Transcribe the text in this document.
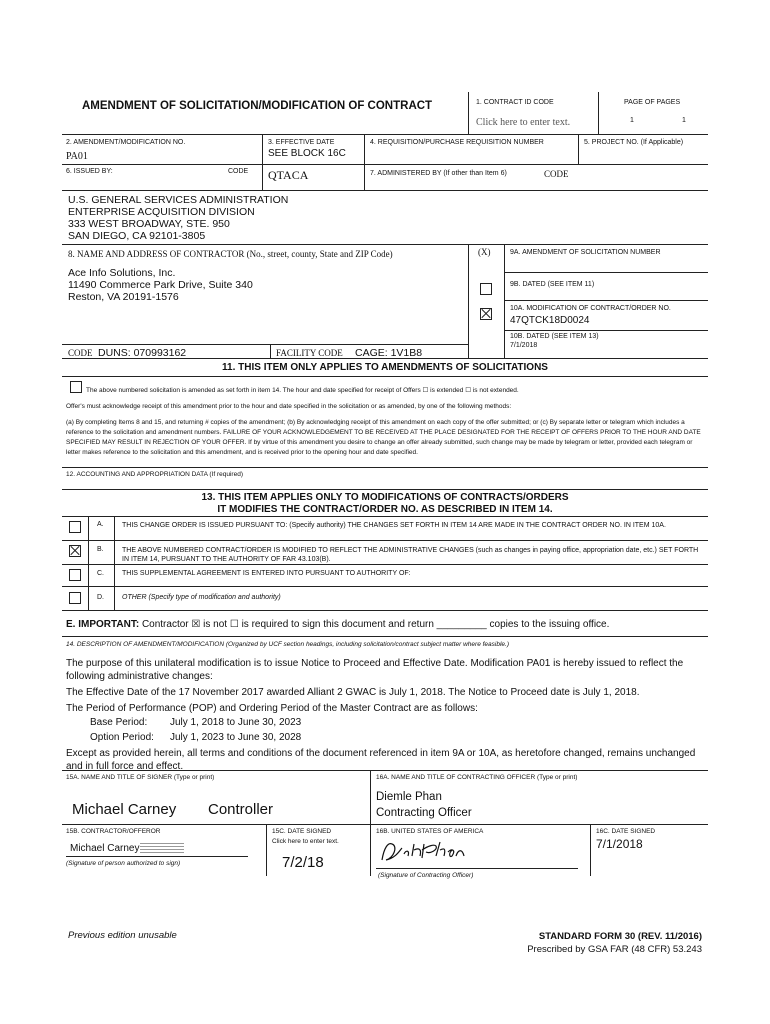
AMENDMENT OF SOLICITATION/MODIFICATION OF CONTRACT	1. CONTRACT ID CODE
Click here to enter text.
PAGE OF PAGES
1	1
2. AMENDMENT/MODIFICATION NO.
PA01
3. EFFECTIVE DATE
SEE BLOCK 16C
4. REQUISITION/PURCHASE REQUISITION NUMBER	5. PROJECT NO. (If Applicable)
6. ISSUED BY:	CODE QTACA	7. ADMINISTERED BY (If other than Item 6)	CODE
U.S. GENERAL SERVICES ADMINISTRATION
ENTERPRISE ACQUISITION DIVISION
333 WEST BROADWAY, STE. 950
SAN DIEGO, CA 92101-3805
8. NAME AND ADDRESS OF CONTRACTOR (No., street, county, State and ZIP Code)
Ace Info Solutions, Inc.
11490 Commerce Park Drive, Suite 340
Reston, VA 20191-1576
CODE DUNS: 070993162	FACILITY CODE CAGE: 1V1B8
(X)	9A. AMENDMENT OF SOLICITATION NUMBER
9B. DATED (SEE ITEM 11)
10A. MODIFICATION OF CONTRACT/ORDER NO.
47QTCK18D0024
10B. DATED (SEE ITEM 13)
7/1/2018
11. THIS ITEM ONLY APPLIES TO AMENDMENTS OF SOLICITATIONS
The above numbered solicitation is amended as set forth in item 14. The hour and date specified for receipt of Offers ☐ is extended ☐ is not extended.
Offer's must acknowledge receipt of this amendment prior to the hour and date specified in the solicitation or as amended, by one of the following methods:
(a) By completing Items 8 and 15, and returning # copies of the amendment; (b) By acknowledging receipt of this amendment on each copy of the offer submitted; or (c) By separate letter or telegram which includes a reference to the solicitation and amendment numbers. FAILURE OF YOUR ACKNOWLEDGEMENT TO BE RECEIVED AT THE PLACE DESIGNATED FOR THE RECEIPT OF OFFERS PRIOR TO THE HOUR AND DATE SPECIFIED MAY RESULT IN REJECTION OF YOUR OFFER. If by virtue of this amendment you desire to change an offer already submitted, such change may be made by telegram or letter, provided each telegram or letter makes reference to the solicitation and this amendment, and is received prior to the opening hour and date specified.
12. ACCOUNTING AND APPROPRIATION DATA (If required)
13. THIS ITEM APPLIES ONLY TO MODIFICATIONS OF CONTRACTS/ORDERS
IT MODIFIES THE CONTRACT/ORDER NO. AS DESCRIBED IN ITEM 14.
A.	THIS CHANGE ORDER IS ISSUED PURSUANT TO: (Specify authority) THE CHANGES SET FORTH IN ITEM 14 ARE MADE IN THE CONTRACT ORDER NO. IN ITEM 10A.
B.	THE ABOVE NUMBERED CONTRACT/ORDER IS MODIFIED TO REFLECT THE ADMINISTRATIVE CHANGES (such as changes in paying office, appropriation date, etc.) SET FORTH IN ITEM 14, PURSUANT TO THE AUTHORITY OF FAR 43.103(B).
C.	THIS SUPPLEMENTAL AGREEMENT IS ENTERED INTO PURSUANT TO AUTHORITY OF:
D.	OTHER (Specify type of modification and authority)
E. IMPORTANT: Contractor ☒ is not ☐ is required to sign this document and return _________ copies to the issuing office.
14. DESCRIPTION OF AMENDMENT/MODIFICATION (Organized by UCF section headings, including solicitation/contract subject matter where feasible.)
The purpose of this unilateral modification is to issue Notice to Proceed and Effective Date. Modification PA01 is hereby issued to reflect the following administrative changes:
The Effective Date of the 17 November 2017 awarded Alliant 2 GWAC is July 1, 2018. The Notice to Proceed date is July 1, 2018.
The Period of Performance (POP) and Ordering Period of the Master Contract are as follows:
Base Period: July 1, 2018 to June 30, 2023
Option Period: July 1, 2023 to June 30, 2028
Except as provided herein, all terms and conditions of the document referenced in item 9A or 10A, as heretofore changed, remains unchanged and in full force and effect.
15A. NAME AND TITLE OF SIGNER (Type or print)
Michael Carney Controller
16A. NAME AND TITLE OF CONTRACTING OFFICER (Type or print)
Diemle Phan
Contracting Officer
15B. CONTRACTOR/OFFEROR
Michael Carney
(Signature of person authorized to sign)
15C. DATE SIGNED
Click here to enter text.
7/2/18
16B. UNITED STATES OF AMERICA
(Signature of Contracting Officer)
16C. DATE SIGNED
7/1/2018
Previous edition unusable	STANDARD FORM 30 (REV. 11/2016)
Prescribed by GSA FAR (48 CFR) 53.243
